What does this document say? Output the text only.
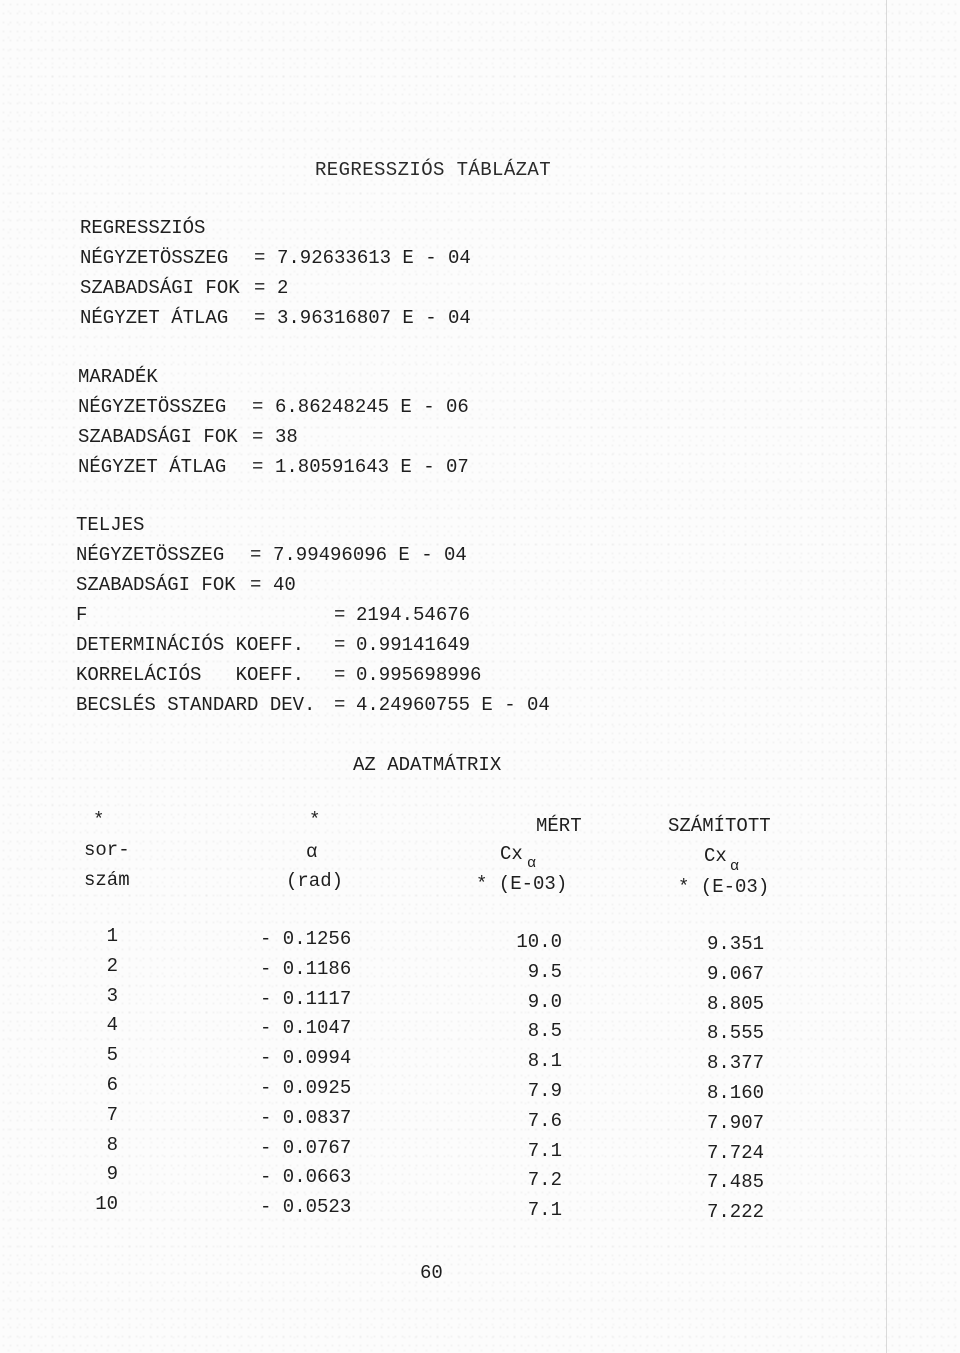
REGRESSZIÓS TÁBLÁZAT
REGRESSZIÓS
NÉGYZETÖSSZEG = 7.92633613 E - 04
SZABADSÁGI FOK = 2
NÉGYZET ÁTLAG = 3.96316807 E - 04
MARADÉK
NÉGYZETÖSSZEG = 6.86248245 E - 06
SZABADSÁGI FOK = 38
NÉGYZET ÁTLAG = 1.80591643 E - 07
TELJES
NÉGYZETÖSSZEG = 7.99496096 E - 04
SZABADSÁGI FOK = 40
F	= 2194.54676
DETERMINÁCIÓS KOEFF. = 0.99141649
KORRELÁCIÓS   KOEFF. = 0.995698996
BECSLÉS STANDARD DEV. = 4.24960755 E - 04
AZ ADATMÁTRIX
*
sor-
szám
*
α
(rad)
MÉRT
Cx α
* (E-03)
SZÁMÍTOTT
Cx α
* (E-03)
1	- 0.1256	10.0	9.351
2	- 0.1186	9.5	9.067
3	- 0.1117	9.0	8.805
4	- 0.1047	8.5	8.555
5	- 0.0994	8.1	8.377
6	- 0.0925	7.9	8.160
7	- 0.0837	7.6	7.907
8	- 0.0767	7.1	7.724
9	- 0.0663	7.2	7.485
10	- 0.0523	7.1	7.222
60
